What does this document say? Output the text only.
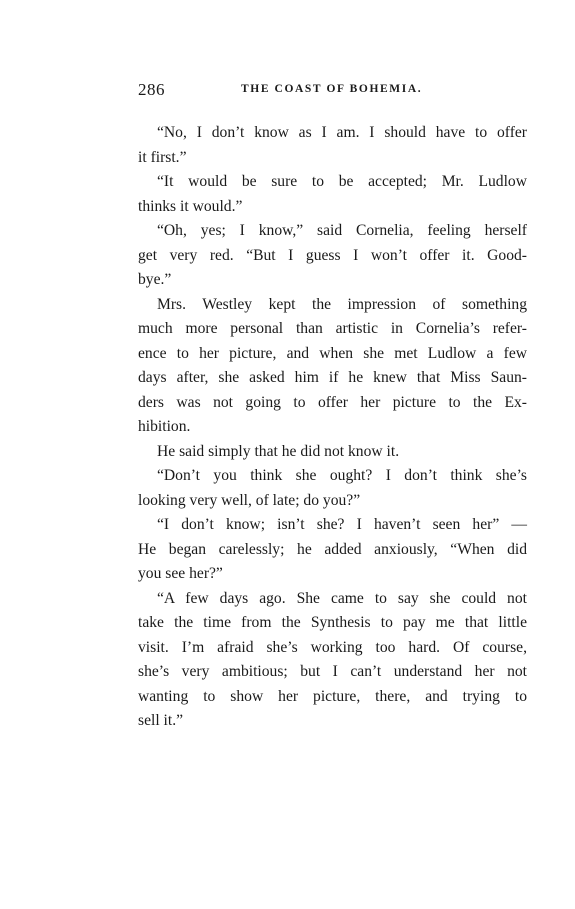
286	THE COAST OF BOHEMIA.
“No, I don’t know as I am. I should have to offer
it first.”
“It would be sure to be accepted; Mr. Ludlow
thinks it would.”
“Oh, yes; I know,” said Cornelia, feeling herself
get very red. “But I guess I won’t offer it. Good-
bye.”
Mrs. Westley kept the impression of something
much more personal than artistic in Cornelia’s refer-
ence to her picture, and when she met Ludlow a few
days after, she asked him if he knew that Miss Saun-
ders was not going to offer her picture to the Ex-
hibition.
He said simply that he did not know it.
“Don’t you think she ought? I don’t think she’s
looking very well, of late; do you?”
“I don’t know; isn’t she? I haven’t seen her” —
He began carelessly; he added anxiously, “When did
you see her?”
“A few days ago. She came to say she could not
take the time from the Synthesis to pay me that little
visit. I’m afraid she’s working too hard. Of course,
she’s very ambitious; but I can’t understand her not
wanting to show her picture, there, and trying to
sell it.”
